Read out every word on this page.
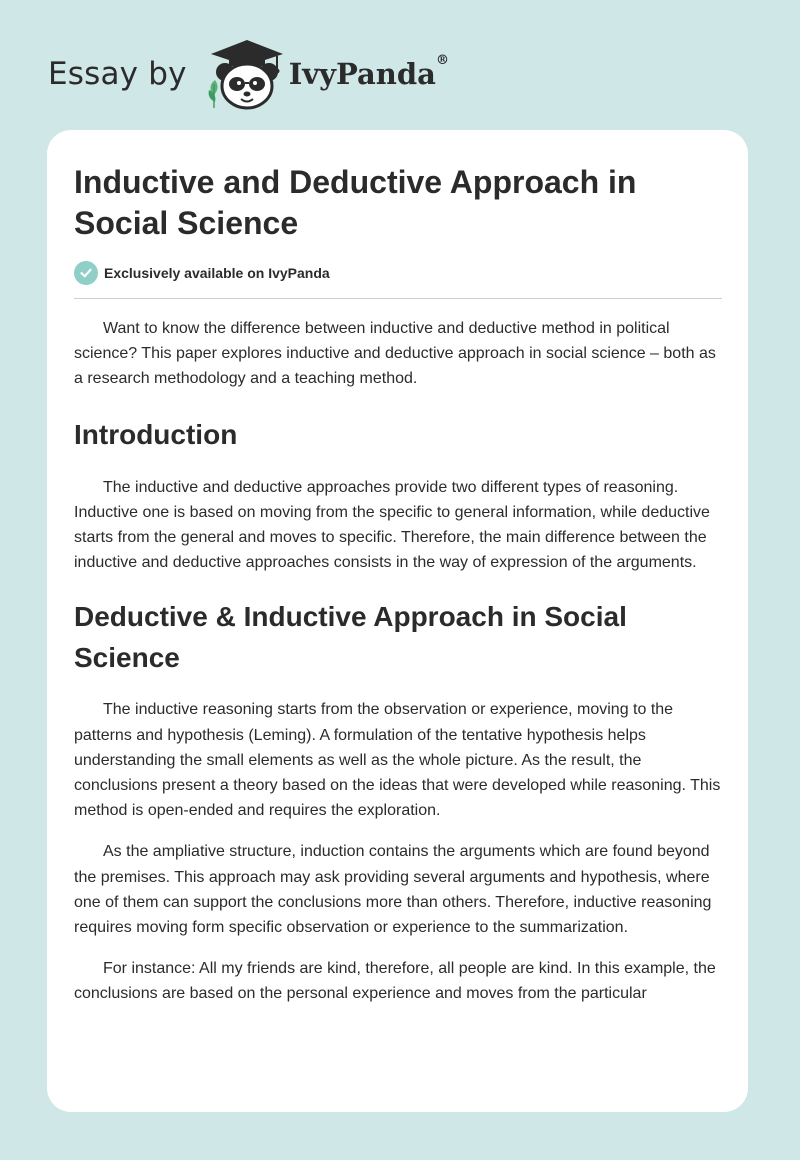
Essay by	IvyPanda®
Inductive and Deductive Approach in Social Science
Exclusively available on IvyPanda

Want to know the difference between inductive and deductive method in political science? This paper explores inductive and deductive approach in social science – both as a research methodology and a teaching method.

Introduction

The inductive and deductive approaches provide two different types of reasoning. Inductive one is based on moving from the specific to general information, while deductive starts from the general and moves to specific. Therefore, the main difference between the inductive and deductive approaches consists in the way of expression of the arguments.

Deductive & Inductive Approach in Social Science

The inductive reasoning starts from the observation or experience, moving to the patterns and hypothesis (Leming). A formulation of the tentative hypothesis helps understanding the small elements as well as the whole picture. As the result, the conclusions present a theory based on the ideas that were developed while reasoning. This method is open-ended and requires the exploration.

As the ampliative structure, induction contains the arguments which are found beyond the premises. This approach may ask providing several arguments and hypothesis, where one of them can support the conclusions more than others. Therefore, inductive reasoning requires moving form specific observation or experience to the summarization.

For instance: All my friends are kind, therefore, all people are kind. In this example, the conclusions are based on the personal experience and moves from the particular
